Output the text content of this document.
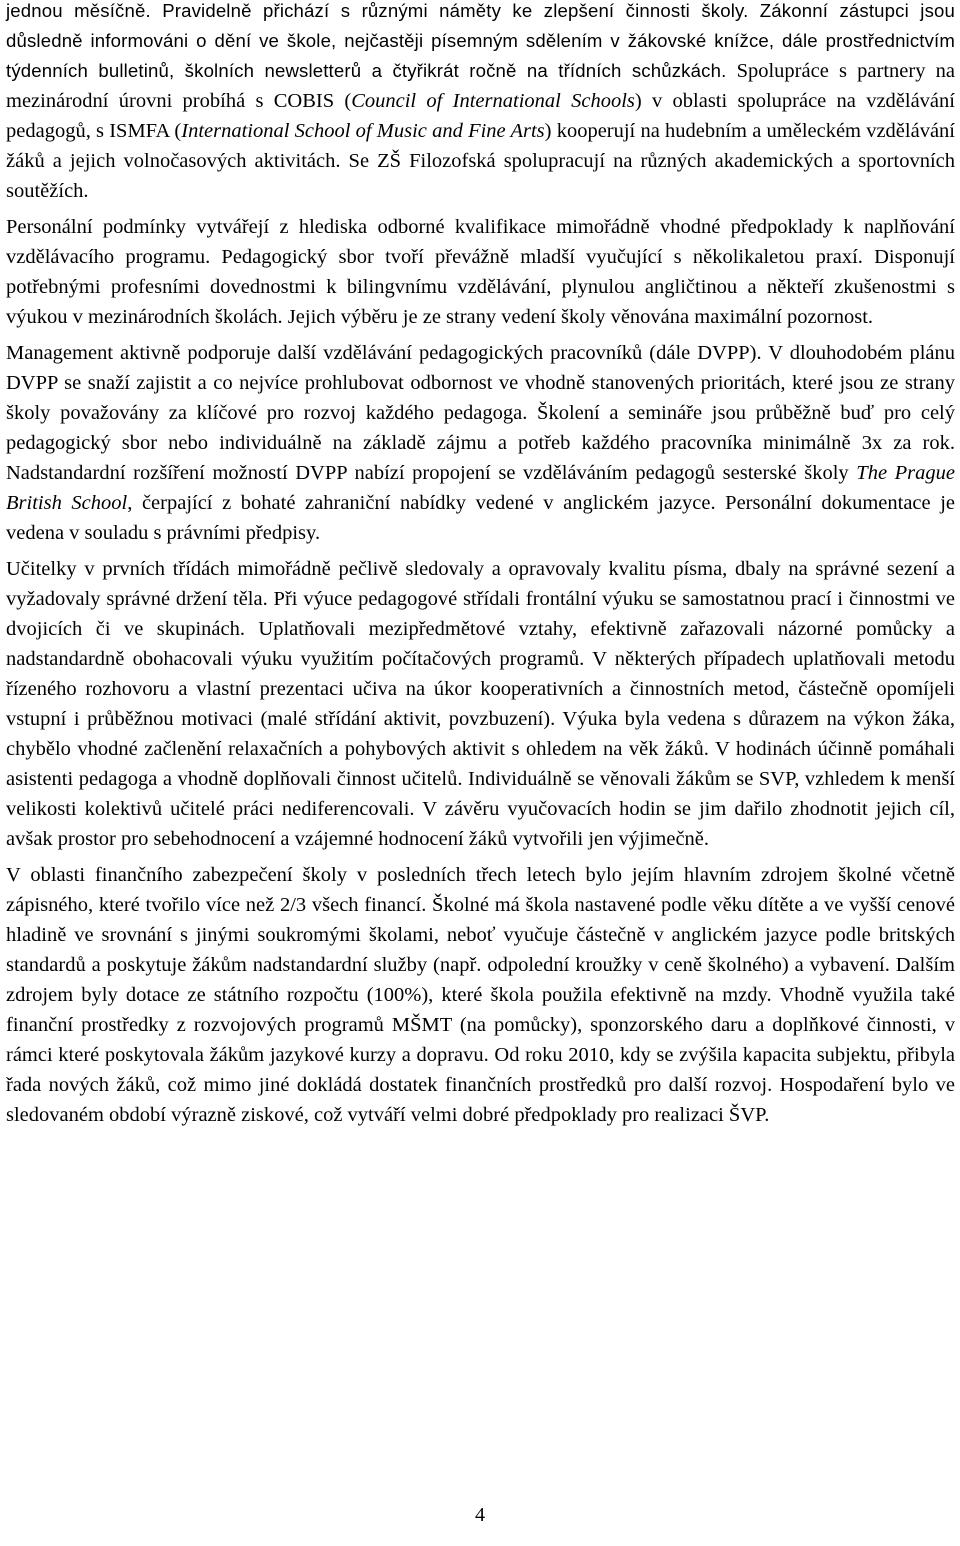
jednou měsíčně. Pravidelně přichází s různými náměty ke zlepšení činnosti školy. Zákonní zástupci jsou důsledně informováni o dění ve škole, nejčastěji písemným sdělením v žákovské knížce, dále prostřednictvím týdenních bulletinů, školních newsletterů a čtyřikrát ročně na třídních schůzkách. Spolupráce s partnery na mezinárodní úrovni probíhá s COBIS (Council of International Schools) v oblasti spolupráce na vzdělávání pedagogů, s ISMFA (International School of Music and Fine Arts) kooperují na hudebním a uměleckém vzdělávání žáků a jejich volnočasových aktivitách. Se ZŠ Filozofská spolupracují na různých akademických a sportovních soutěžích.

Personální podmínky vytvářejí z hlediska odborné kvalifikace mimořádně vhodné předpoklady k naplňování vzdělávacího programu. Pedagogický sbor tvoří převážně mladší vyučující s několikaletou praxí. Disponují potřebnými profesními dovednostmi k bilingvnímu vzdělávání, plynulou angličtinou a někteří zkušenostmi s výukou v mezinárodních školách. Jejich výběru je ze strany vedení školy věnována maximální pozornost.

Management aktivně podporuje další vzdělávání pedagogických pracovníků (dále DVPP). V dlouhodobém plánu DVPP se snaží zajistit a co nejvíce prohlubovat odbornost ve vhodně stanovených prioritách, které jsou ze strany školy považovány za klíčové pro rozvoj každého pedagoga. Školení a semináře jsou průběžně buď pro celý pedagogický sbor nebo individuálně na základě zájmu a potřeb každého pracovníka minimálně 3x za rok. Nadstandardní rozšíření možností DVPP nabízí propojení se vzděláváním pedagogů sesterské školy The Prague British School, čerpající z bohaté zahraniční nabídky vedené v anglickém jazyce. Personální dokumentace je vedena v souladu s právními předpisy.

Učitelky v prvních třídách mimořádně pečlivě sledovaly a opravovaly kvalitu písma, dbaly na správné sezení a vyžadovaly správné držení těla. Při výuce pedagogové střídali frontální výuku se samostatnou prací i činnostmi ve dvojicích či ve skupinách. Uplatňovali mezipředmětové vztahy, efektivně zařazovali názorné pomůcky a nadstandardně obohacovali výuku využitím počítačových programů. V některých případech uplatňovali metodu řízeného rozhovoru a vlastní prezentaci učiva na úkor kooperativních a činnostních metod, částečně opomíjeli vstupní i průběžnou motivaci (malé střídání aktivit, povzbuzení). Výuka byla vedena s důrazem na výkon žáka, chybělo vhodné začlenění relaxačních a pohybových aktivit s ohledem na věk žáků. V hodinách účinně pomáhali asistenti pedagoga a vhodně doplňovali činnost učitelů. Individuálně se věnovali žákům se SVP, vzhledem k menší velikosti kolektivů učitelé práci nediferencovali. V závěru vyučovacích hodin se jim dařilo zhodnotit jejich cíl, avšak prostor pro sebehodnocení a vzájemné hodnocení žáků vytvořili jen výjimečně.

V oblasti finančního zabezpečení školy v posledních třech letech bylo jejím hlavním zdrojem školné včetně zápisného, které tvořilo více než 2/3 všech financí. Školné má škola nastavené podle věku dítěte a ve vyšší cenové hladině ve srovnání s jinými soukromými školami, neboť vyučuje částečně v anglickém jazyce podle britských standardů a poskytuje žákům nadstandardní služby (např. odpolední kroužky v ceně školného) a vybavení. Dalším zdrojem byly dotace ze státního rozpočtu (100%), které škola použila efektivně na mzdy. Vhodně využila také finanční prostředky z rozvojových programů MŠMT (na pomůcky), sponzorského daru a doplňkové činnosti, v rámci které poskytovala žákům jazykové kurzy a dopravu. Od roku 2010, kdy se zvýšila kapacita subjektu, přibyla řada nových žáků, což mimo jiné dokládá dostatek finančních prostředků pro další rozvoj. Hospodaření bylo ve sledovaném období výrazně ziskové, což vytváří velmi dobré předpoklady pro realizaci ŠVP.

4
